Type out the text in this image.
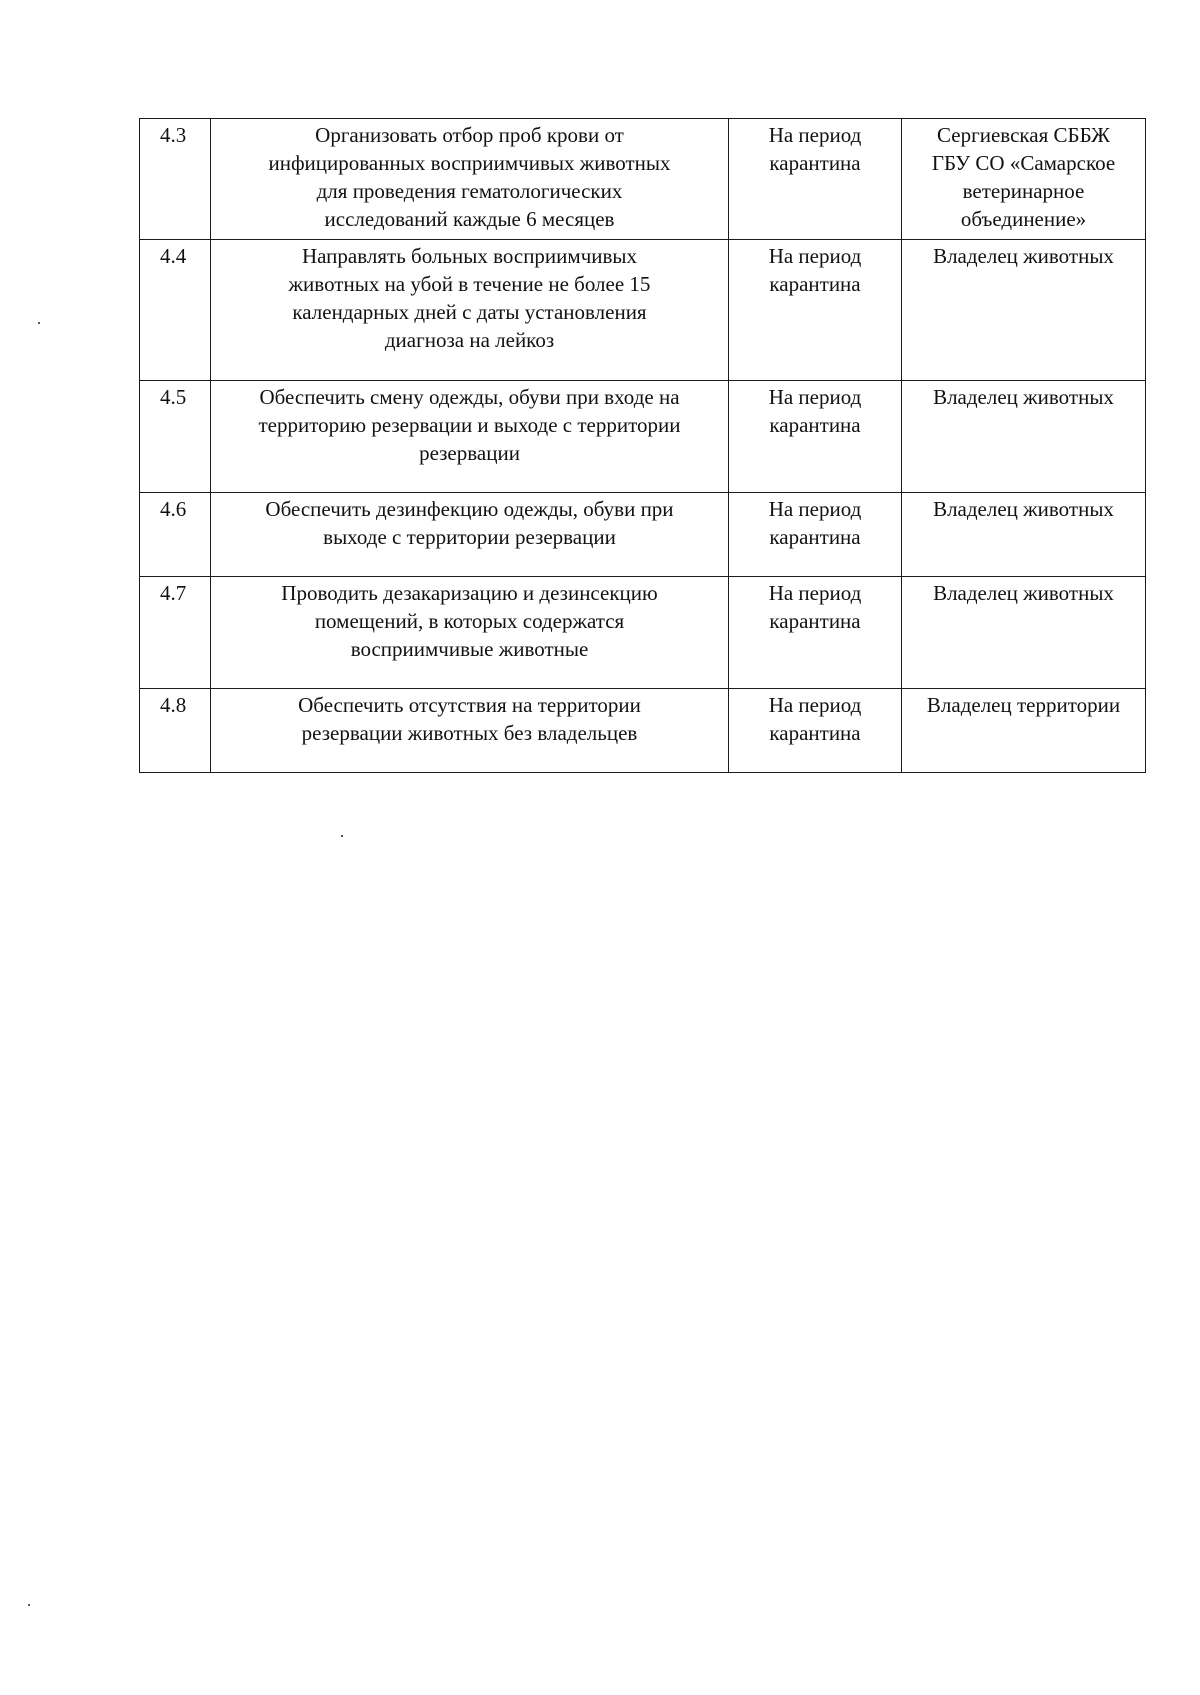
4.3	Организовать отбор проб крови от
инфицированных восприимчивых животных
для проведения гематологических
исследований каждые 6 месяцев	На период
карантина	Сергиевская СББЖ
ГБУ СО «Самарское
ветеринарное
объединение»

4.4	Направлять больных восприимчивых
животных на убой в течение не более 15
календарных дней с даты установления
диагноза на лейкоз	На период
карантина	Владелец животных

4.5	Обеспечить смену одежды, обуви при входе на
территорию резервации и выходе с территории
резервации	На период
карантина	Владелец животных

4.6	Обеспечить дезинфекцию одежды, обуви при
выходе с территории резервации	На период
карантина	Владелец животных

4.7	Проводить дезакаризацию и дезинсекцию
помещений, в которых содержатся
восприимчивые животные	На период
карантина	Владелец животных

4.8	Обеспечить отсутствия на территории
резервации животных без владельцев	На период
карантина	Владелец территории
